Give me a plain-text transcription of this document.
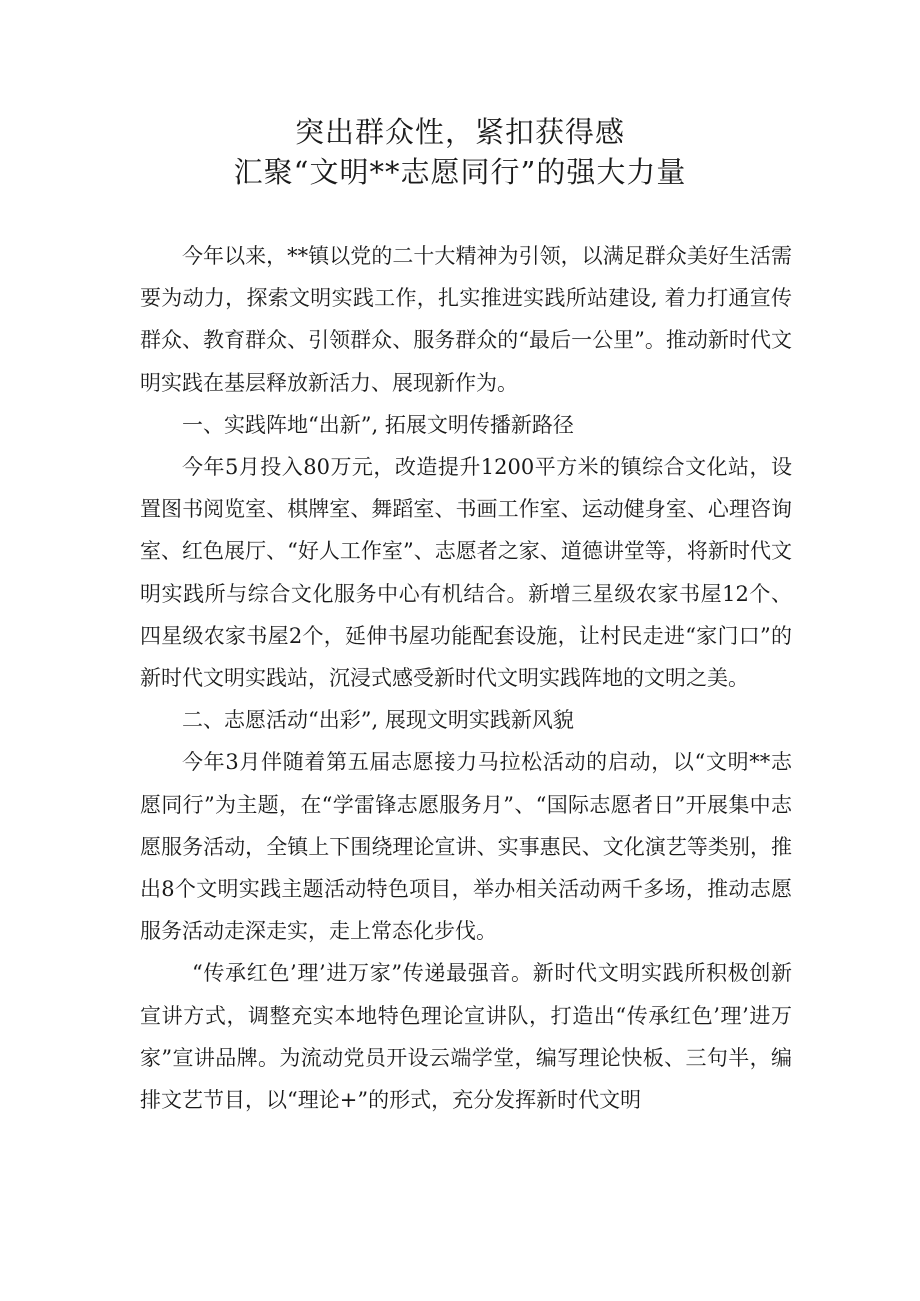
突出群众性，紧扣获得感
汇聚“文明**志愿同行”的强大力量

今年以来，**镇以党的二十大精神为引领，以满足群众美好生活需要为动力，探索文明实践工作，扎实推进实践所站建设, 着力打通宣传群众、教育群众、引领群众、服务群众的“最后一公里”。推动新时代文明实践在基层释放新活力、展现新作为。

一、实践阵地“出新”, 拓展文明传播新路径

今年5月投入80万元，改造提升1200平方米的镇综合文化站，设置图书阅览室、棋牌室、舞蹈室、书画工作室、运动健身室、心理咨询室、红色展厅、“好人工作室”、志愿者之家、道德讲堂等，将新时代文明实践所与综合文化服务中心有机结合。新增三星级农家书屋12个、四星级农家书屋2个，延伸书屋功能配套设施，让村民走进“家门口”的新时代文明实践站，沉浸式感受新时代文明实践阵地的文明之美。

二、志愿活动“出彩”, 展现文明实践新风貌

今年3月伴随着第五届志愿接力马拉松活动的启动，以“文明**志愿同行”为主题，在“学雷锋志愿服务月”、“国际志愿者日”开展集中志愿服务活动，全镇上下围绕理论宣讲、实事惠民、文化演艺等类别，推出8个文明实践主题活动特色项目，举办相关活动两千多场，推动志愿服务活动走深走实，走上常态化步伐。

“传承红色’理’进万家”传递最强音。新时代文明实践所积极创新宣讲方式，调整充实本地特色理论宣讲队，打造出“传承红色’理’进万家”宣讲品牌。为流动党员开设云端学堂，编写理论快板、三句半，编排文艺节目，以“理论+”的形式，充分发挥新时代文明
